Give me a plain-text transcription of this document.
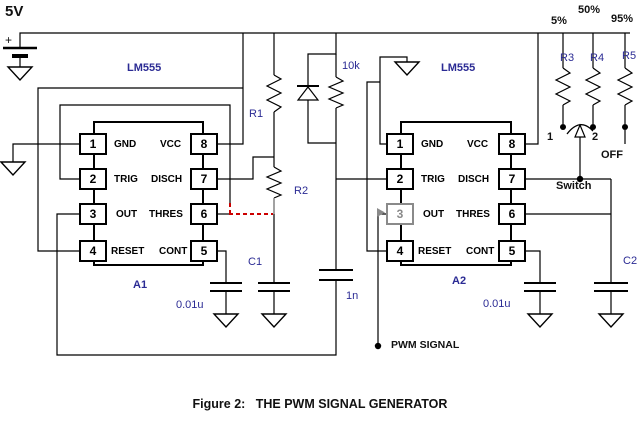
1
2
3
4
8
7
6
5
1
2
3
4
8
7
6
5
GND VCC
TRIG DISCH
OUT THRES
RESET CONT
GND VCC
TRIG DISCH
OUT THRES
RESET CONT
5V
+
LM555	LM555
A1	A2
R1
R2
10k
C1
0.01u
1n
0.01u
C2
R3 R4 R5
5%
50%
95%
1	2
OFF
Switch
PWM SIGNAL
Figure 2:   THE PWM SIGNAL GENERATOR
